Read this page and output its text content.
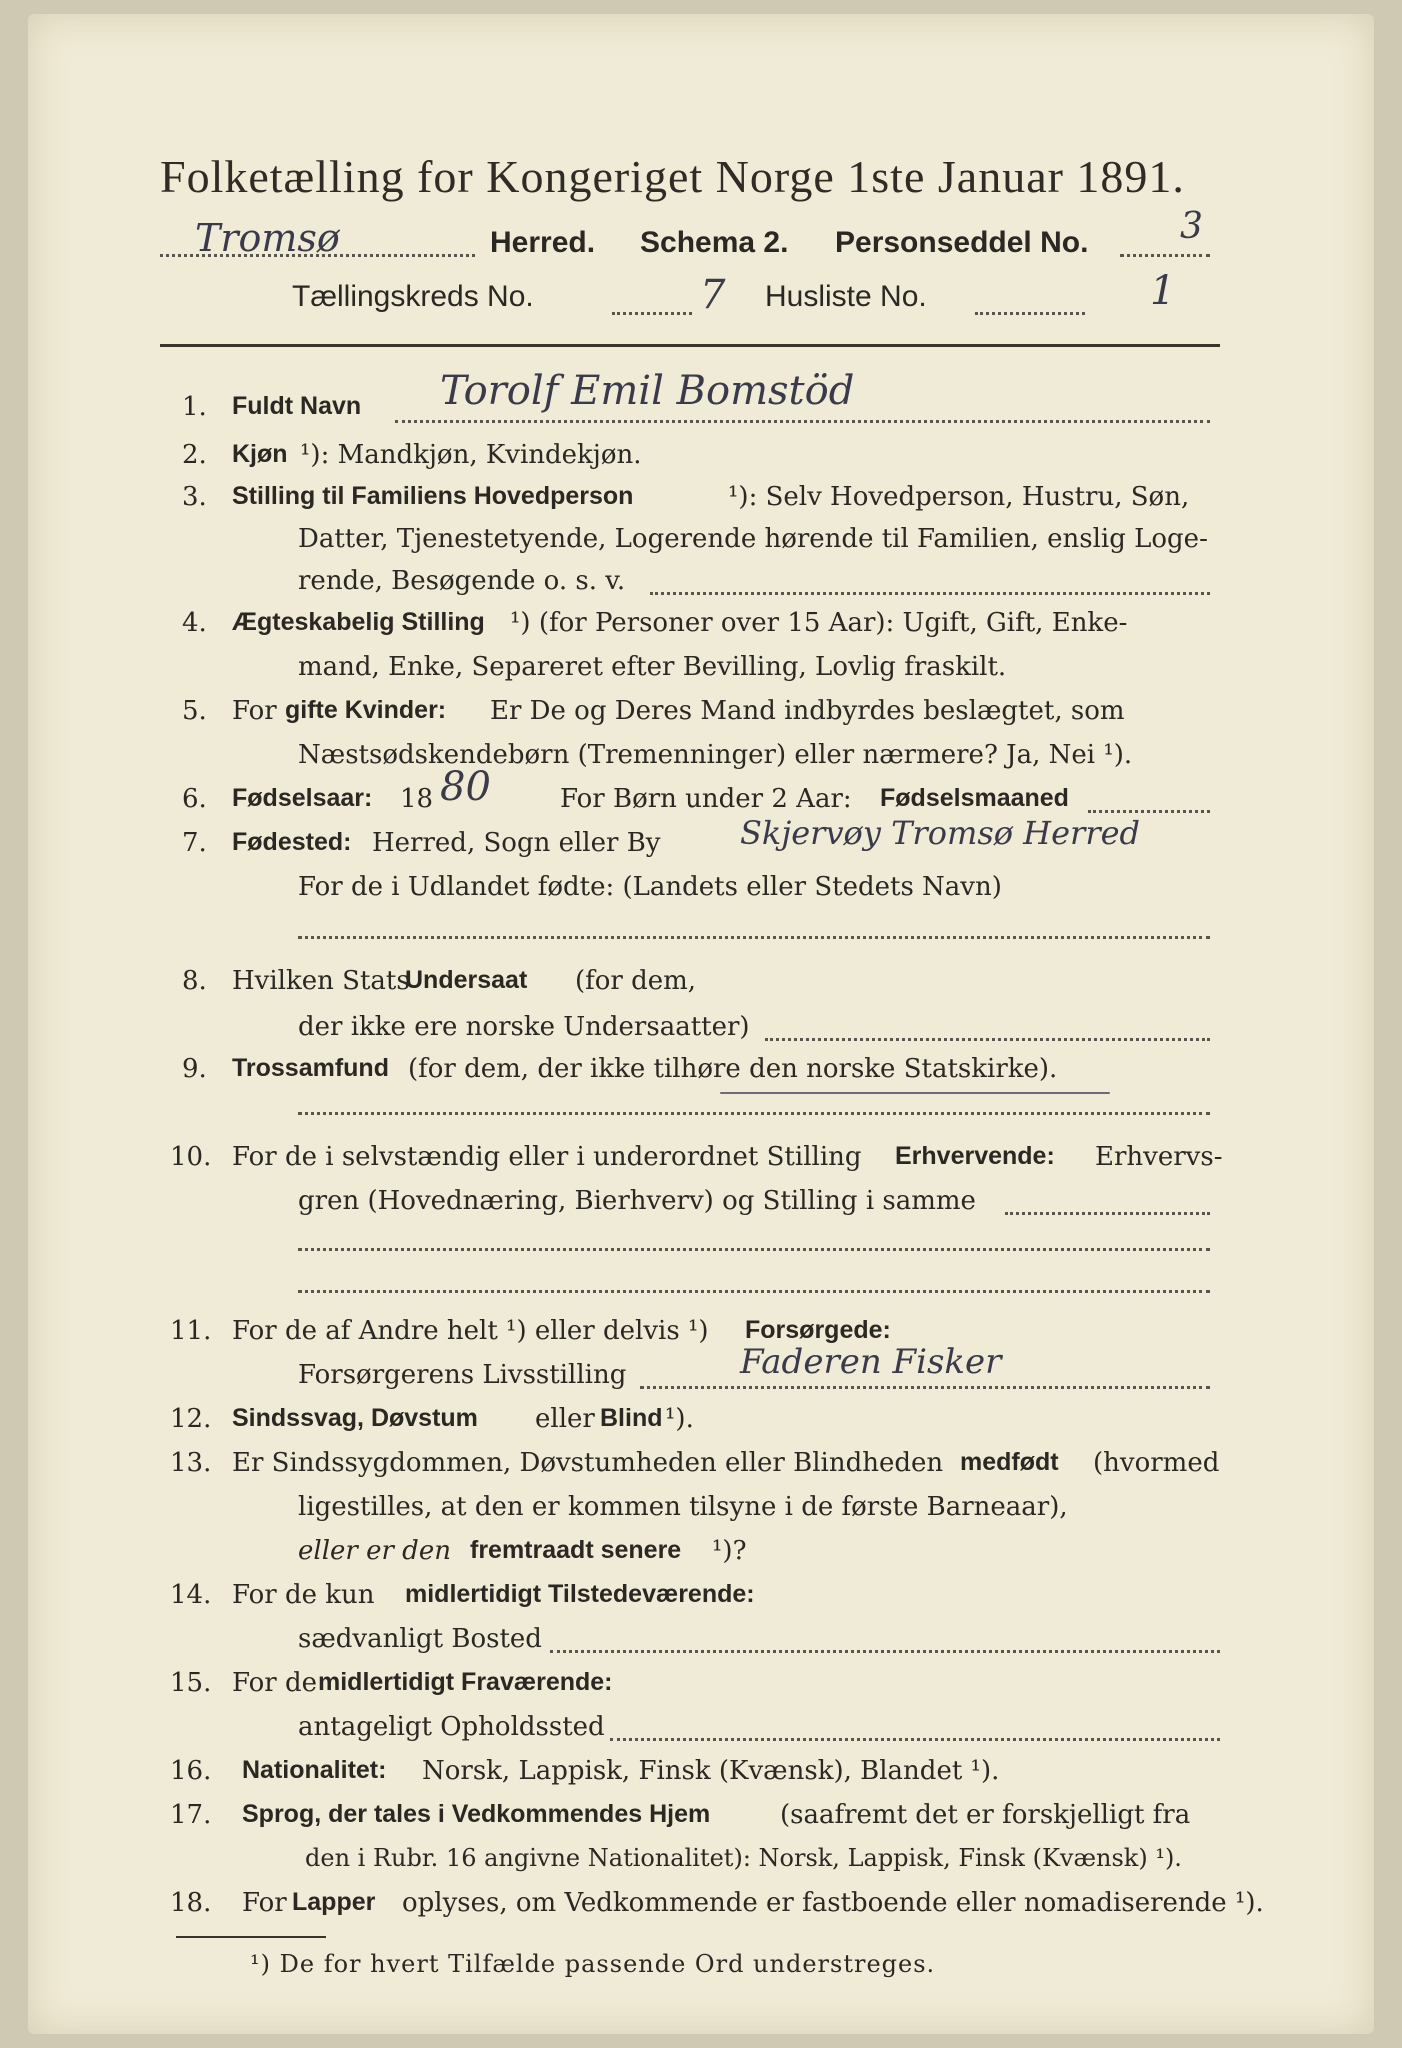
Folketælling for Kongeriget Norge 1ste Januar 1891.
Tromsø	Herred. Schema 2. Personseddel No.	3
Tællingskreds No.	7 Husliste No.	1
1. Fuldt Navn Torolf Emil Bomstöd
2. Kjøn ¹): Mandkjøn, Kvindekjøn.
3. Stilling til Familiens Hovedperson	¹): Selv Hovedperson, Hustru, Søn,
Datter, Tjenestetyende, Logerende hørende til Familien, enslig Loge-
rende, Besøgende o. s. v.
4. Ægteskabelig Stilling ¹) (for Personer over 15 Aar): Ugift, Gift, Enke-
mand, Enke, Separeret efter Bevilling, Lovlig fraskilt.
5. For gifte Kvinder: Er De og Deres Mand indbyrdes beslægtet, som
Næstsødskendebørn (Tremenninger) eller nærmere? Ja, Nei ¹).
6. Fødselsaar: 18 80	For Børn under 2 Aar: Fødselsmaaned
7. Fødested: Herred, Sogn eller By Skjervøy Tromsø Herred
For de i Udlandet fødte: (Landets eller Stedets Navn)
8. Hvilken Stats
Undersaat (for dem,
der ikke ere norske Undersaatter)
9. Trossamfund (for dem, der ikke tilhøre den norske Statskirke).
10. For de i selvstændig eller i underordnet Stilling Erhvervende: Erhvervs-
gren (Hovednæring, Bierhverv) og Stilling i samme
11. For de af Andre helt ¹) eller delvis ¹) Forsørgede:
Forsørgerens Livsstilling	Faderen Fisker
12. Sindssvag, Døvstum eller Blind ¹).
13. Er Sindssygdommen, Døvstumheden eller Blindheden medfødt (hvormed
ligestilles, at den er kommen tilsyne i de første Barneaar),
eller er den fremtraadt senere ¹)?
14. For de kun midlertidigt Tilstedeværende:
sædvanligt Bosted
15. For de midlertidigt Fraværende:
antageligt Opholdssted
16. Nationalitet: Norsk, Lappisk, Finsk (Kvænsk), Blandet ¹).
17. Sprog, der tales i Vedkommendes Hjem	(saafremt det er forskjelligt fra
den i Rubr. 16 angivne Nationalitet): Norsk, Lappisk, Finsk (Kvænsk) ¹).
18. For Lapper oplyses, om Vedkommende er fastboende eller nomadiserende ¹).
¹) De for hvert Tilfælde passende Ord understreges.
